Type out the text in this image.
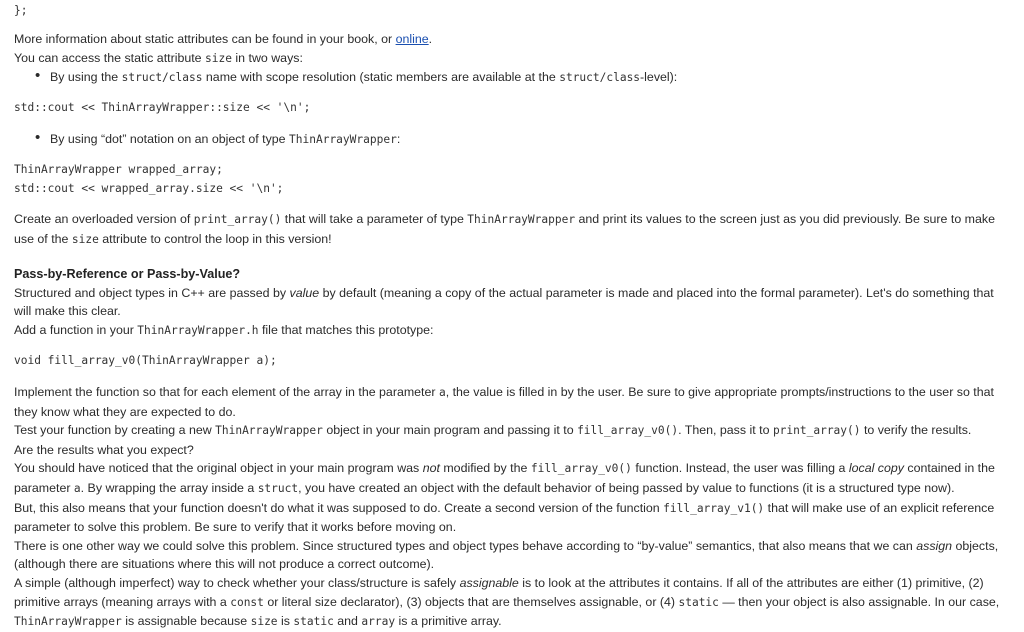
};

More information about static attributes can be found in your book, or online.

You can access the static attribute size in two ways:

• By using the struct/class name with scope resolution (static members are available at the struct/class-level):
std::cout << ThinArrayWrapper::size << '\n';
• By using “dot” notation on an object of type ThinArrayWrapper:
ThinArrayWrapper wrapped_array;
std::cout << wrapped_array.size << '\n';

Create an overloaded version of print_array() that will take a parameter of type ThinArrayWrapper and print its values to the screen just as you did previously. Be sure to make

use of the size attribute to control the loop in this version!

Pass-by-Reference or Pass-by-Value?

Structured and object types in C++ are passed by value by default (meaning a copy of the actual parameter is made and placed into the formal parameter). Let's do something that

will make this clear.

Add a function in your ThinArrayWrapper.h file that matches this prototype:

void fill_array_v0(ThinArrayWrapper a);

Implement the function so that for each element of the array in the parameter a, the value is filled in by the user. Be sure to give appropriate prompts/instructions to the user so that

they know what they are expected to do.

Test your function by creating a new ThinArrayWrapper object in your main program and passing it to fill_array_v0(). Then, pass it to print_array() to verify the results.

Are the results what you expect?

You should have noticed that the original object in your main program was not modified by the fill_array_v0() function. Instead, the user was filling a local copy contained in the

parameter a. By wrapping the array inside a struct, you have created an object with the default behavior of being passed by value to functions (it is a structured type now).

But, this also means that your function doesn't do what it was supposed to do. Create a second version of the function fill_array_v1() that will make use of an explicit reference

parameter to solve this problem. Be sure to verify that it works before moving on.

There is one other way we could solve this problem. Since structured types and object types behave according to “by-value” semantics, that also means that we can assign objects,

(although there are situations where this will not produce a correct outcome).

A simple (although imperfect) way to check whether your class/structure is safely assignable is to look at the attributes it contains. If all of the attributes are either (1) primitive, (2)

primitive arrays (meaning arrays with a const or literal size declarator), (3) objects that are themselves assignable, or (4) static — then your object is also assignable. In our case,

ThinArrayWrapper is assignable because size is static and array is a primitive array.
